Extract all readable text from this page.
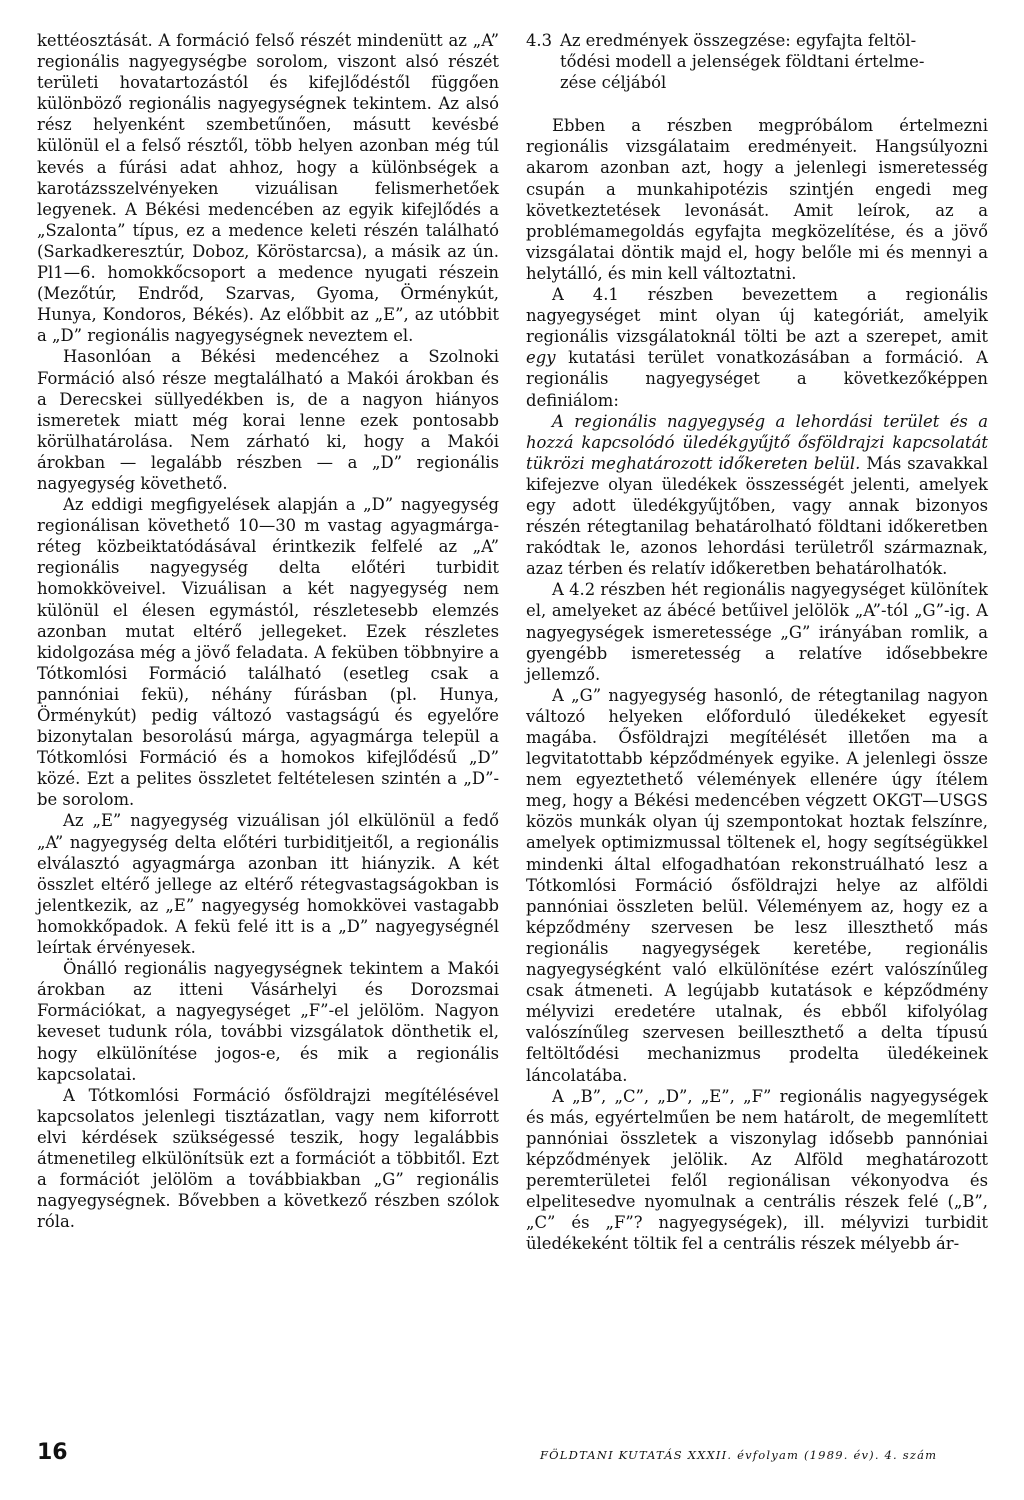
kettéosztását. A formáció felső részét mindenütt az „A” regionális nagyegységbe sorolom, viszont alsó részét területi hovatartozástól és kifejlődéstől függően különböző regionális nagyegységnek tekintem. Az alsó rész helyenként szembetűnően, másutt kevésbé különül el a felső résztől, több helyen azonban még túl kevés a fúrási adat ahhoz, hogy a különbségek a karotázsszelvényeken vizuálisan felismerhetőek legyenek. A Békési medencében az egyik kifejlődés a „Szalonta” típus, ez a medence keleti részén található (Sarkadkeresztúr, Doboz, Köröstarcsa), a másik az ún. Pl1—6. homokkőcsoport a medence nyugati részein (Mezőtúr, Endrőd, Szarvas, Gyoma, Örménykút, Hunya, Kondoros, Békés). Az előbbit az „E”, az utóbbit a „D” regionális nagyegységnek neveztem el.

Hasonlóan a Békési medencéhez a Szolnoki Formáció alsó része megtalálható a Makói árokban és a Derecskei süllyedékben is, de a nagyon hiányos ismeretek miatt még korai lenne ezek pontosabb körülhatárolása. Nem zárható ki, hogy a Makói árokban — legalább részben — a „D” regionális nagyegység követhető.

Az eddigi megfigyelések alapján a „D” nagyegység regionálisan követhető 10—30 m vastag agyagmárga-réteg közbeiktatódásával érintkezik felfelé az „A” regionális nagyegység delta előtéri turbidit homokköveivel. Vizuálisan a két nagyegység nem különül el élesen egymástól, részletesebb elemzés azonban mutat eltérő jellegeket. Ezek részletes kidolgozása még a jövő feladata. A feküben többnyire a Tótkomlósi Formáció található (esetleg csak a pannóniai fekü), néhány fúrásban (pl. Hunya, Örménykút) pedig változó vastagságú és egyelőre bizonytalan besorolású márga, agyagmárga települ a Tótkomlósi Formáció és a homokos kifejlődésű „D” közé. Ezt a pelites összletet feltételesen szintén a „D”-be sorolom.

Az „E” nagyegység vizuálisan jól elkülönül a fedő „A” nagyegység delta előtéri turbiditjeitől, a regionális elválasztó agyagmárga azonban itt hiányzik. A két összlet eltérő jellege az eltérő rétegvastagságokban is jelentkezik, az „E” nagyegység homokkövei vastagabb homokkőpadok. A fekü felé itt is a „D” nagyegységnél leírtak érvényesek.

Önálló regionális nagyegységnek tekintem a Makói árokban az itteni Vásárhelyi és Dorozsmai Formációkat, a nagyegységet „F”-el jelölöm. Nagyon keveset tudunk róla, további vizsgálatok dönthetik el, hogy elkülönítése jogos-e, és mik a regionális kapcsolatai.

A Tótkomlósi Formáció ősföldrajzi megítélésével kapcsolatos jelenlegi tisztázatlan, vagy nem kiforrott elvi kérdések szükségessé teszik, hogy legalábbis átmenetileg elkülönítsük ezt a formációt a többitől. Ezt a formációt jelölöm a továbbiakban „G” regionális nagyegységnek. Bővebben a következő részben szólok róla.

4.3 Az eredmények összegzése: egyfajta feltöl-
tődési modell a jelenségek földtani értelme-
zése céljából

Ebben a részben megpróbálom értelmezni regionális vizsgálataim eredményeit. Hangsúlyozni akarom azonban azt, hogy a jelenlegi ismeretesség csupán a munkahipotézis szintjén engedi meg következtetések levonását. Amit leírok, az a problémamegoldás egyfajta megközelítése, és a jövő vizsgálatai döntik majd el, hogy belőle mi és mennyi a helytálló, és min kell változtatni.

A 4.1 részben bevezettem a regionális nagyegységet mint olyan új kategóriát, amelyik regionális vizsgálatoknál tölti be azt a szerepet, amit egy kutatási terület vonatkozásában a formáció. A regionális nagyegységet a következőképpen definiálom:

A regionális nagyegység a lehordási terület és a hozzá kapcsolódó üledékgyűjtő ősföldrajzi kapcsolatát tükrözi meghatározott időkereten belül. Más szavakkal kifejezve olyan üledékek összességét jelenti, amelyek egy adott üledékgyűjtőben, vagy annak bizonyos részén rétegtanilag behatárolható földtani időkeretben rakódtak le, azonos lehordási területről származnak, azaz térben és relatív időkeretben behatárolhatók.

A 4.2 részben hét regionális nagyegységet különítek el, amelyeket az ábécé betűivel jelölök „A”-tól „G”-ig. A nagyegységek ismeretessége „G” irányában romlik, a gyengébb ismeretesség a relatíve idősebbekre jellemző.

A „G” nagyegység hasonló, de rétegtanilag nagyon változó helyeken előforduló üledékeket egyesít magába. Ősföldrajzi megítélését illetően ma a legvitatottabb képződmények egyike. A jelenlegi össze nem egyeztethető vélemények ellenére úgy ítélem meg, hogy a Békési medencében végzett OKGT—USGS közös munkák olyan új szempontokat hoztak felszínre, amelyek optimizmussal töltenek el, hogy segítségükkel mindenki által elfogadhatóan rekonstruálható lesz a Tótkomlósi Formáció ősföldrajzi helye az alföldi pannóniai összleten belül. Véleményem az, hogy ez a képződmény szervesen be lesz illeszthető más regionális nagyegységek keretébe, regionális nagyegységként való elkülönítése ezért valószínűleg csak átmeneti. A legújabb kutatások e képződmény mélyvizi eredetére utalnak, és ebből kifolyólag valószínűleg szervesen beilleszthető a delta típusú feltöltődési mechanizmus prodelta üledékeinek láncolatába.

A „B”, „C”, „D”, „E”, „F” regionális nagyegységek és más, egyértelműen be nem határolt, de megemlített pannóniai összletek a viszonylag idősebb pannóniai képződmények jelölik. Az Alföld meghatározott peremterületei felől regionálisan vékonyodva és elpelitesedve nyomulnak a centrális részek felé („B”, „C” és „F”? nagyegységek), ill. mélyvizi turbidit üledékeként töltik fel a centrális részek mélyebb ár-

16	FÖLDTANI KUTATÁS XXXII. évfolyam (1989. év). 4. szám
